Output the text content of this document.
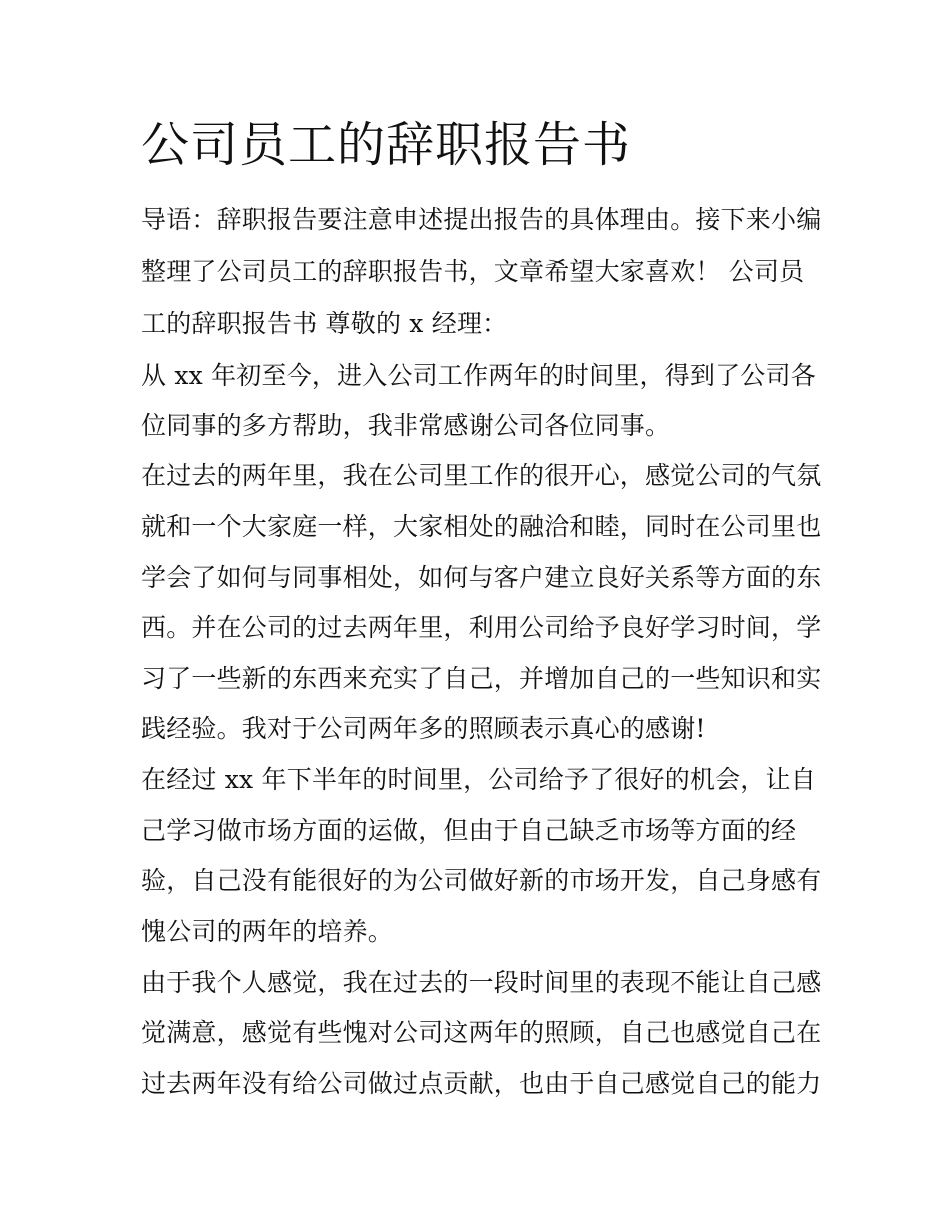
公司员工的辞职报告书

导语：辞职报告要注意申述提出报告的具体理由。接下来小编

整理了公司员工的辞职报告书，文章希望大家喜欢！ 公司员

工的辞职报告书 尊敬的 x 经理：

从 xx 年初至今，进入公司工作两年的时间里，得到了公司各

位同事的多方帮助，我非常感谢公司各位同事。

在过去的两年里，我在公司里工作的很开心，感觉公司的气氛

就和一个大家庭一样，大家相处的融洽和睦，同时在公司里也

学会了如何与同事相处，如何与客户建立良好关系等方面的东

西。并在公司的过去两年里，利用公司给予良好学习时间，学

习了一些新的东西来充实了自己，并增加自己的一些知识和实

践经验。我对于公司两年多的照顾表示真心的感谢!

在经过 xx 年下半年的时间里，公司给予了很好的机会，让自

己学习做市场方面的运做，但由于自己缺乏市场等方面的经

验，自己没有能很好的为公司做好新的市场开发，自己身感有

愧公司的两年的培养。

由于我个人感觉，我在过去的一段时间里的表现不能让自己感

觉满意，感觉有些愧对公司这两年的照顾，自己也感觉自己在

过去两年没有给公司做过点贡献，也由于自己感觉自己的能力
